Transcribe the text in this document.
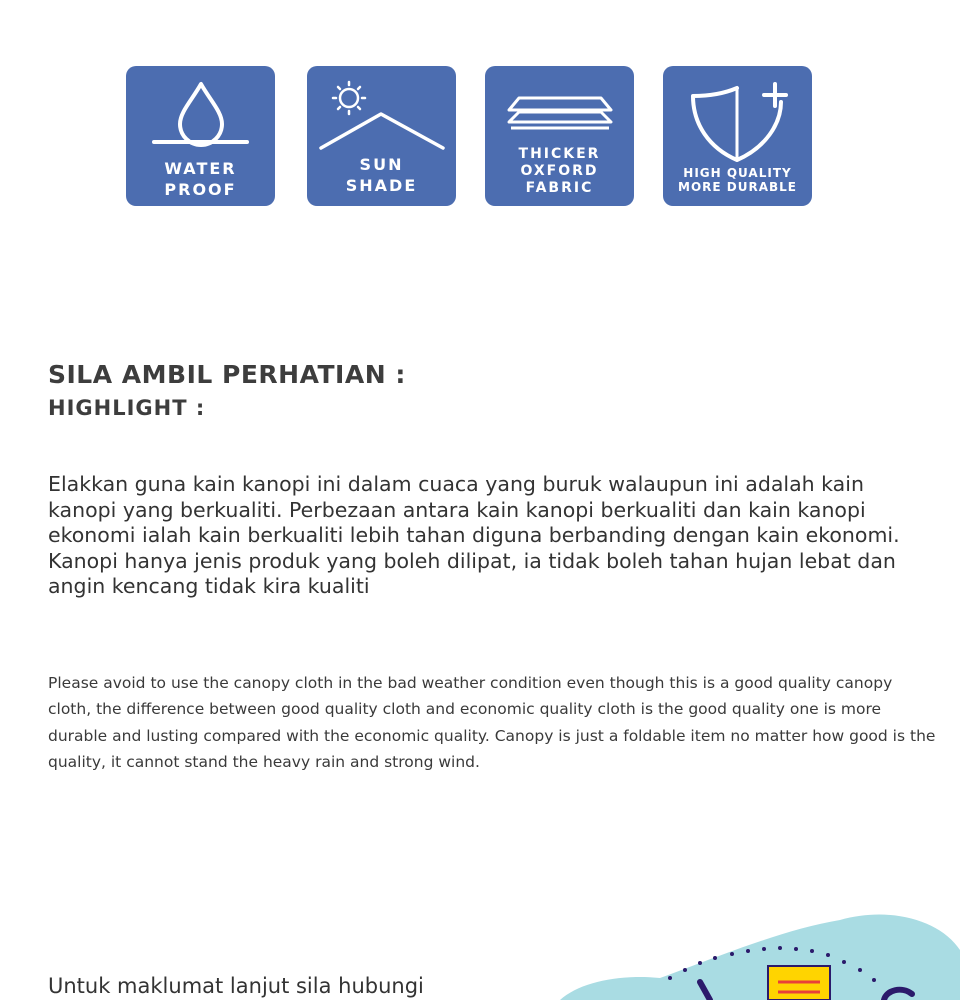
WATER
PROOF
SUN
SHADE
THICKER
OXFORD
FABRIC
HIGH QUALITY
MORE DURABLE
SILA AMBIL PERHATIAN :
HIGHLIGHT :

Elakkan guna kain kanopi ini dalam cuaca yang buruk walaupun ini adalah kain kanopi yang berkualiti. Perbezaan antara kain kanopi berkualiti dan kain kanopi ekonomi ialah kain berkualiti lebih tahan diguna berbanding dengan kain ekonomi. Kanopi hanya jenis produk yang boleh dilipat, ia tidak boleh tahan hujan lebat dan angin kencang tidak kira kualiti

Please avoid to use the canopy cloth in the bad weather condition even though this is a good quality canopy cloth, the difference between good quality cloth and economic quality cloth is the good quality one is more durable and lusting compared with the economic quality. Canopy is just a foldable item no matter how good is the quality, it cannot stand the heavy rain and strong wind.

Untuk maklumat lanjut sila hubungi
